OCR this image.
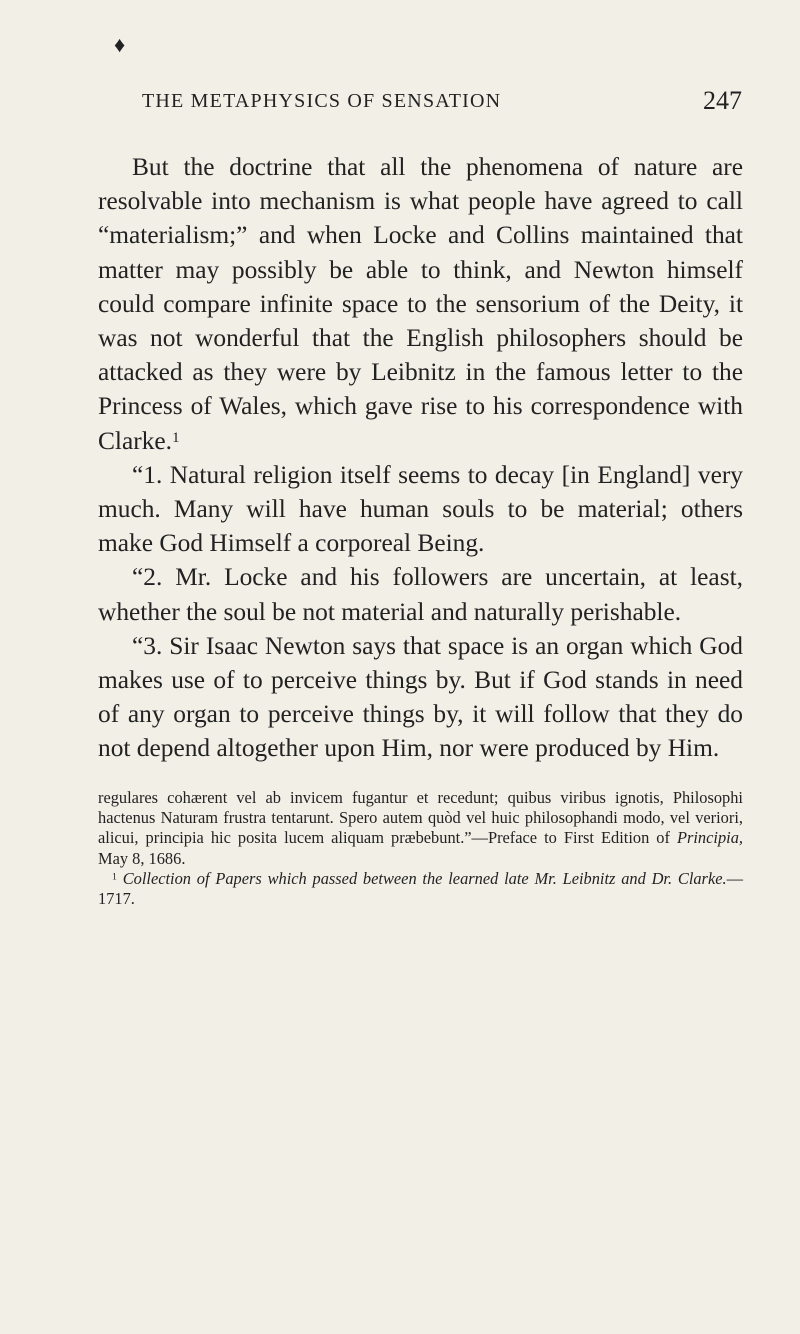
♦
THE METAPHYSICS OF SENSATION	247

But the doctrine that all the phenomena of nature are resolvable into mechanism is what people have agreed to call “materialism;” and when Locke and Collins maintained that matter may possibly be able to think, and Newton himself could compare infinite space to the sensorium of the Deity, it was not wonderful that the English philosophers should be attacked as they were by Leibnitz in the famous letter to the Princess of Wales, which gave rise to his correspondence with Clarke.$^1$

“1. Natural religion itself seems to decay [in England] very much. Many will have human souls to be material; others make God Himself a corporeal Being.

“2. Mr. Locke and his followers are uncertain, at least, whether the soul be not material and naturally perishable.

“3. Sir Isaac Newton says that space is an organ which God makes use of to perceive things by. But if God stands in need of any organ to perceive things by, it will follow that they do not depend altogether upon Him, nor were produced by Him.

regulares cohærent vel ab invicem fugantur et recedunt; quibus viribus ignotis, Philosophi hactenus Naturam frustra tentarunt. Spero autem quòd vel huic philosophandi modo, vel veriori, alicui, principia hic posita lucem aliquam præbebunt.”—Preface to First Edition of Principia, May 8, 1686.

$^1$ Collection of Papers which passed between the learned late Mr. Leibnitz and Dr. Clarke.—1717.
